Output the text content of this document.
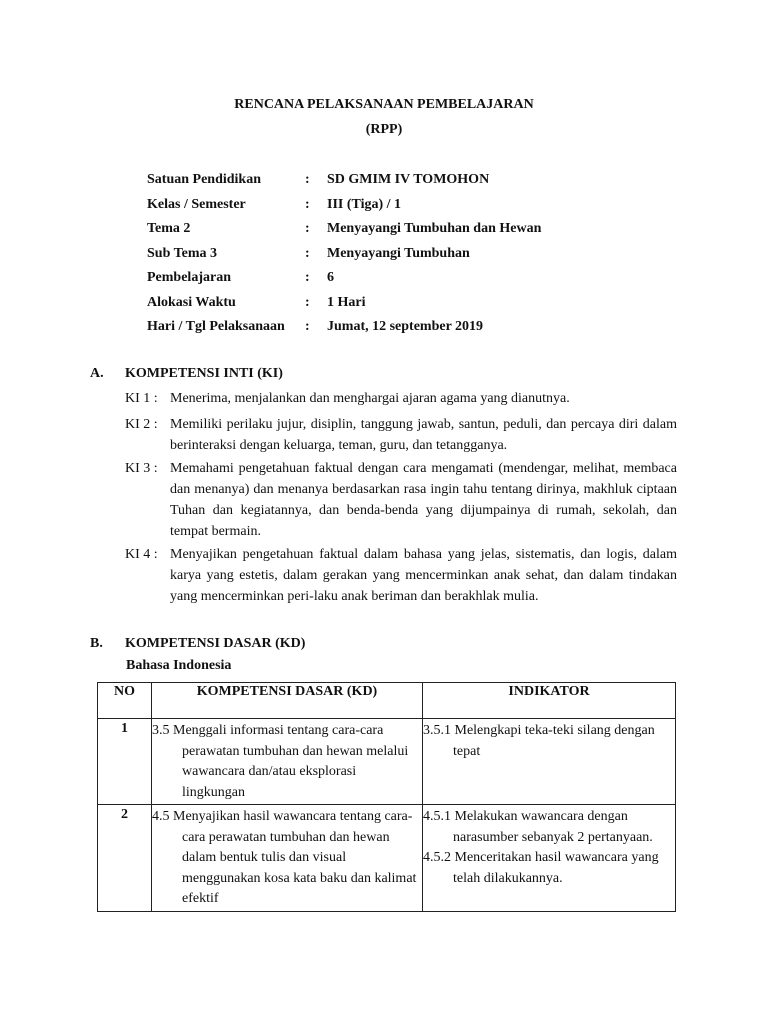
RENCANA PELAKSANAAN PEMBELAJARAN
(RPP)
Satuan Pendidikan	: SD GMIM IV TOMOHON
Kelas / Semester	:III (Tiga) / 1
Tema 2	:Menyayangi Tumbuhan dan Hewan
Sub Tema 3	:Menyayangi Tumbuhan
Pembelajaran	:6
Alokasi Waktu	:1 Hari
Hari / Tgl Pelaksanaan :Jumat, 12 september 2019
A. KOMPETENSI INTI (KI)
KI 1 : Menerima, menjalankan dan menghargai ajaran agama yang dianutnya.
KI 2 : Memiliki perilaku jujur, disiplin, tanggung jawab, santun, peduli, dan percaya diri dalam berinteraksi dengan keluarga, teman, guru, dan tetangganya.
KI 3 : Memahami pengetahuan faktual dengan cara mengamati (mendengar, melihat, membaca dan menanya) dan menanya berdasarkan rasa ingin tahu tentang dirinya, makhluk ciptaan Tuhan dan kegiatannya, dan benda-benda yang dijumpainya di rumah, sekolah, dan tempat bermain.
KI 4 : Menyajikan pengetahuan faktual dalam bahasa yang jelas, sistematis, dan logis, dalam karya yang estetis, dalam gerakan yang mencerminkan anak sehat, dan dalam tindakan yang mencerminkan peri-laku anak beriman dan berakhlak mulia.
B. KOMPETENSI DASAR (KD)
Bahasa Indonesia
NO	KOMPETENSI DASAR (KD)	INDIKATOR
1	3.5 Menggali informasi tentang cara-cara perawatan tumbuhan dan hewan melalui wawancara dan/atau eksplorasi lingkungan	3.5.1 Melengkapi teka-teki silang dengan tepat

2	4.5 Menyajikan hasil wawancara tentang cara-cara perawatan tumbuhan dan hewan dalam bentuk tulis dan visual menggunakan kosa kata baku dan kalimat efektif	4.5.1 Melakukan wawancara dengan narasumber sebanyak 2 pertanyaan.
4.5.2 Menceritakan hasil wawancara yang telah dilakukannya.
